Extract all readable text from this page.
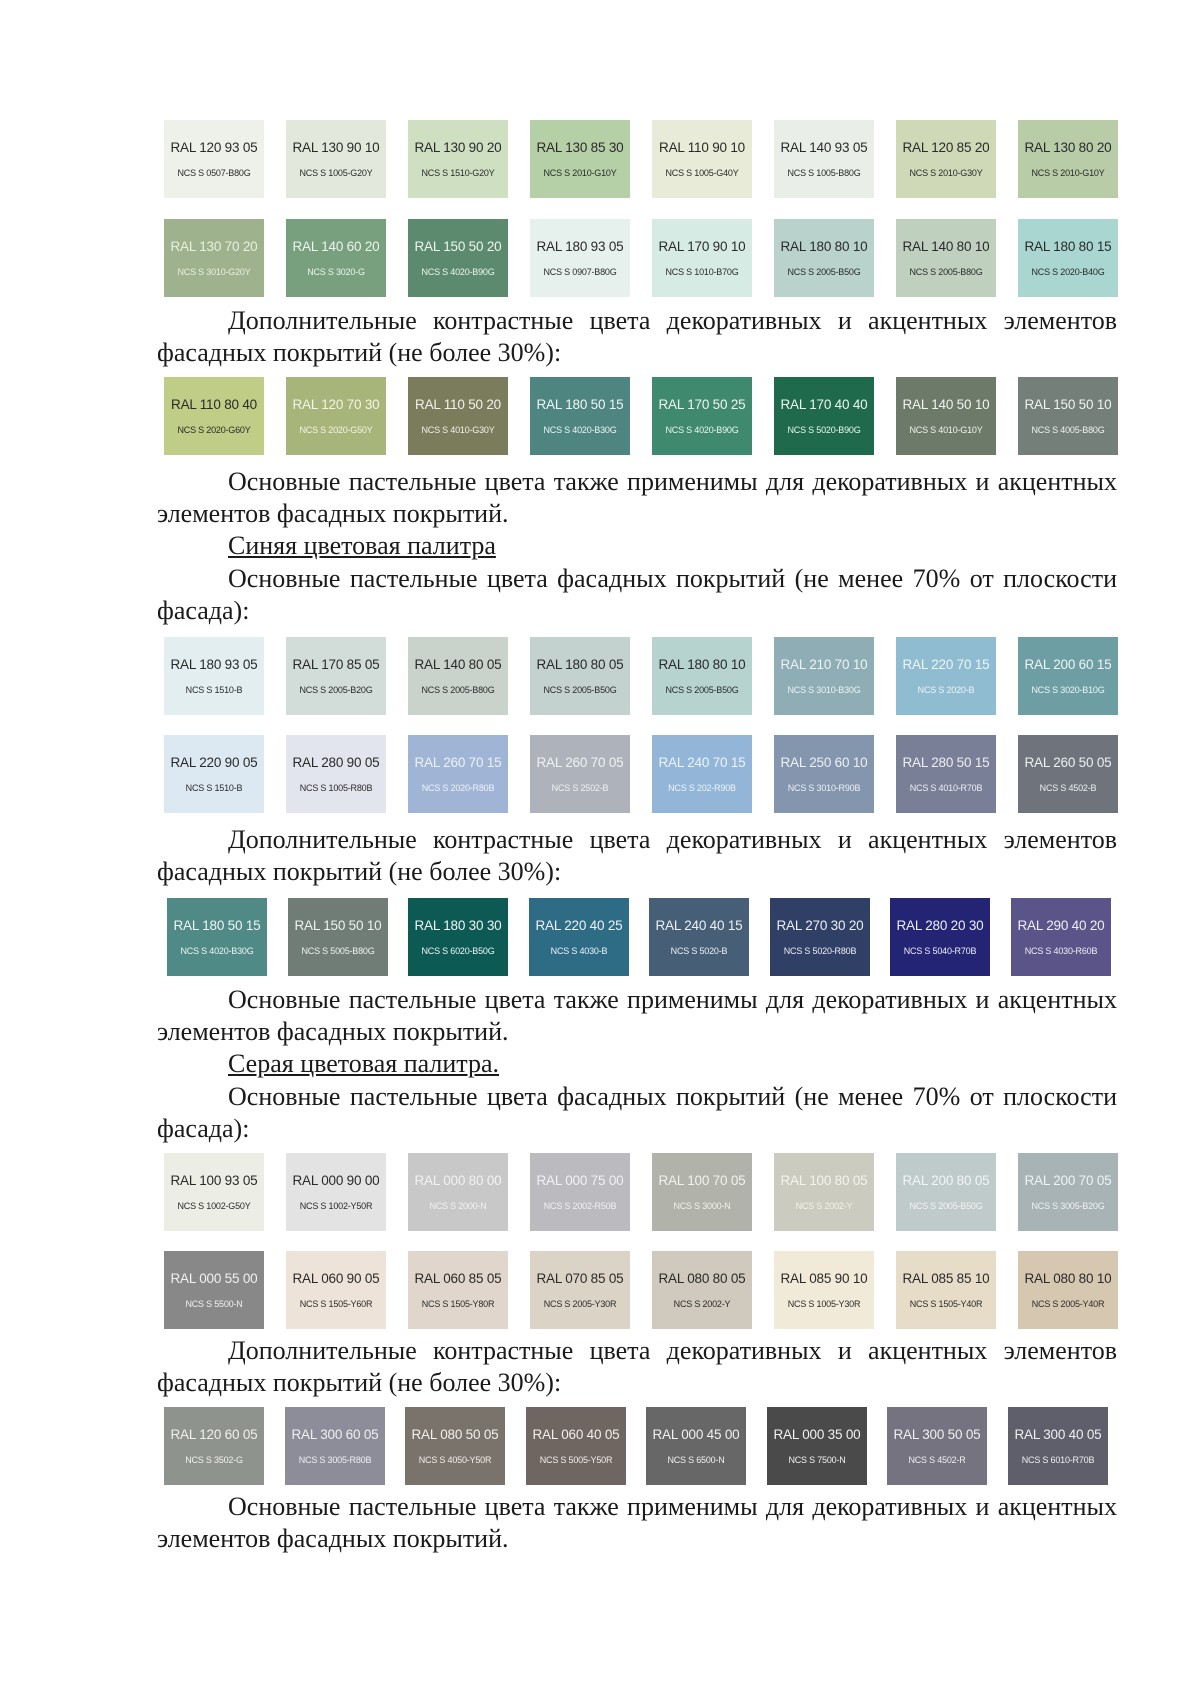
RAL 120 93 05
NCS S 0507-B80G
RAL 130 90 10
NCS S 1005-G20Y
RAL 130 90 20
NCS S 1510-G20Y
RAL 130 85 30
NCS S 2010-G10Y
RAL 110 90 10
NCS S 1005-G40Y
RAL 140 93 05
NCS S 1005-B80G
RAL 120 85 20
NCS S 2010-G30Y
RAL 130 80 20
NCS S 2010-G10Y
RAL 130 70 20
NCS S 3010-G20Y
RAL 140 60 20
NCS S 3020-G
RAL 150 50 20
NCS S 4020-B90G
RAL 180 93 05
NCS S 0907-B80G
RAL 170 90 10
NCS S 1010-B70G
RAL 180 80 10
NCS S 2005-B50G
RAL 140 80 10
NCS S 2005-B80G
RAL 180 80 15
NCS S 2020-B40G

Дополнительные контрастные цвета декоративных и акцентных элементов фасадных покрытий (не более 30%):

RAL 110 80 40
NCS S 2020-G60Y
RAL 120 70 30
NCS S 2020-G50Y
RAL 110 50 20
NCS S 4010-G30Y
RAL 180 50 15
NCS S 4020-B30G
RAL 170 50 25
NCS S 4020-B90G
RAL 170 40 40
NCS S 5020-B90G
RAL 140 50 10
NCS S 4010-G10Y
RAL 150 50 10
NCS S 4005-B80G

Основные пастельные цвета также применимы для декоративных и акцентных элементов фасадных покрытий.

Синяя цветовая палитра

Основные пастельные цвета фасадных покрытий (не менее 70% от плоскости фасада):

RAL 180 93 05
NCS S 1510-B
RAL 170 85 05
NCS S 2005-B20G
RAL 140 80 05
NCS S 2005-B80G
RAL 180 80 05
NCS S 2005-B50G
RAL 180 80 10
NCS S 2005-B50G
RAL 210 70 10
NCS S 3010-B30G
RAL 220 70 15
NCS S 2020-B
RAL 200 60 15
NCS S 3020-B10G
RAL 220 90 05
NCS S 1510-B
RAL 280 90 05
NCS S 1005-R80B
RAL 260 70 15
NCS S 2020-R80B
RAL 260 70 05
NCS S 2502-B
RAL 240 70 15
NCS S 202-R90B
RAL 250 60 10
NCS S 3010-R90B
RAL 280 50 15
NCS S 4010-R70B
RAL 260 50 05
NCS S 4502-B

Дополнительные контрастные цвета декоративных и акцентных элементов фасадных покрытий (не более 30%):

RAL 180 50 15
NCS S 4020-B30G
RAL 150 50 10
NCS S 5005-B80G
RAL 180 30 30
NCS S 6020-B50G
RAL 220 40 25
NCS S 4030-B
RAL 240 40 15
NCS S 5020-B
RAL 270 30 20
NCS S 5020-R80B
RAL 280 20 30
NCS S 5040-R70B
RAL 290 40 20
NCS S 4030-R60B

Основные пастельные цвета также применимы для декоративных и акцентных элементов фасадных покрытий.

Серая цветовая палитра.

Основные пастельные цвета фасадных покрытий (не менее 70% от плоскости фасада):

RAL 100 93 05
NCS S 1002-G50Y
RAL 000 90 00
NCS S 1002-Y50R
RAL 000 80 00
NCS S 2000-N
RAL 000 75 00
NCS S 2002-R50B
RAL 100 70 05
NCS S 3000-N
RAL 100 80 05
NCS S 2002-Y
RAL 200 80 05
NCS S 2005-B50G
RAL 200 70 05
NCS S 3005-B20G
RAL 000 55 00
NCS S 5500-N
RAL 060 90 05
NCS S 1505-Y60R
RAL 060 85 05
NCS S 1505-Y80R
RAL 070 85 05
NCS S 2005-Y30R
RAL 080 80 05
NCS S 2002-Y
RAL 085 90 10
NCS S 1005-Y30R
RAL 085 85 10
NCS S 1505-Y40R
RAL 080 80 10
NCS S 2005-Y40R

Дополнительные контрастные цвета декоративных и акцентных элементов фасадных покрытий (не более 30%):

RAL 120 60 05
NCS S 3502-G
RAL 300 60 05
NCS S 3005-R80B
RAL 080 50 05
NCS S 4050-Y50R
RAL 060 40 05
NCS S 5005-Y50R
RAL 000 45 00
NCS S 6500-N
RAL 000 35 00
NCS S 7500-N
RAL 300 50 05
NCS S 4502-R
RAL 300 40 05
NCS S 6010-R70B

Основные пастельные цвета также применимы для декоративных и акцентных элементов фасадных покрытий.
